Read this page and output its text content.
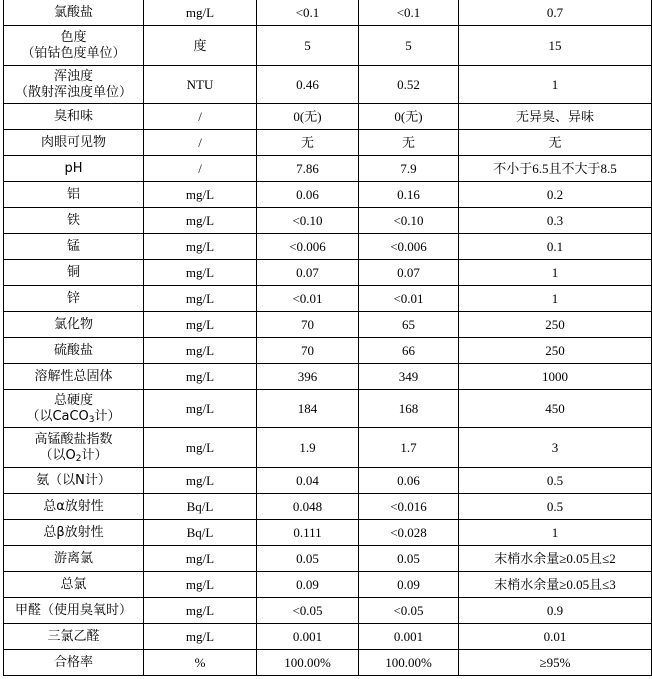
氯酸盐	mg/L	<0.1	<0.1	0.7

色度
（铂钴色度单位）	度	5	5	15

浑浊度
（散射浑浊度单位）	NTU	0.46	0.52	1

臭和味	/	0(无)	0(无)	无异臭、异味

肉眼可见物	/	无	无	无

pH	/	7.86	7.9	不小于6.5且不大于8.5

铝	mg/L	0.06	0.16	0.2

铁	mg/L	<0.10	<0.10	0.3

锰	mg/L	<0.006	<0.006	0.1

铜	mg/L	0.07	0.07	1

锌	mg/L	<0.01	<0.01	1

氯化物	mg/L	70	65	250

硫酸盐	mg/L	70	66	250

溶解性总固体	mg/L	396	349	1000

总硬度
（以CaCO$_3$计）	mg/L	184	168	450

高锰酸盐指数
（以$O_2$计）	mg/L	1.9	1.7	3

氨（以N计）	mg/L	0.04	0.06	0.5

总α放射性	Bq/L	0.048	<0.016	0.5

总β放射性	Bq/L	0.111	<0.028	1

游离氯	mg/L	0.05	0.05	末梢水余量≥0.05且≤2

总氯	mg/L	0.09	0.09	末梢水余量≥0.05且≤3

甲醛（使用臭氧时）	mg/L	<0.05	<0.05	0.9

三氯乙醛	mg/L	0.001	0.001	0.01

合格率	%	100.00%	100.00%	≥95%
